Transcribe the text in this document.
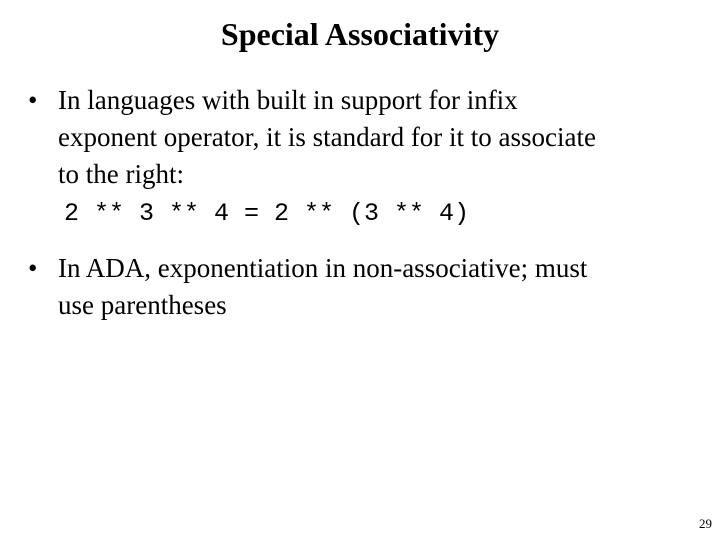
Special Associativity
• In languages with built in support for infix
exponent operator, it is standard for it to associate
to the right:
2 ** 3 ** 4 = 2 ** (3 ** 4)
• In ADA, exponentiation in non-associative; must
use parentheses
29
